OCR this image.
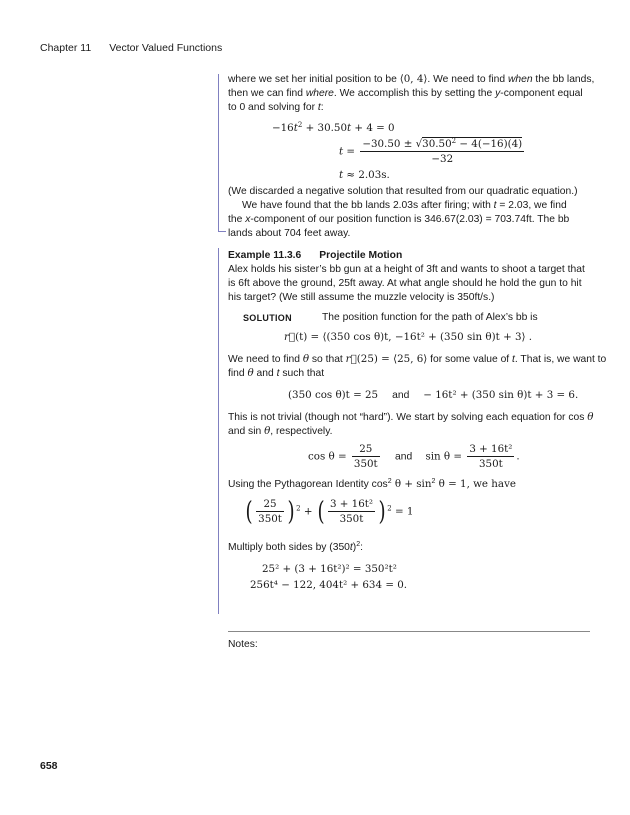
Chapter 11 Vector Valued Functions
where we set her initial position to be ⟨0, 4⟩. We need to find when the bb lands,
then we can find where. We accomplish this by setting the y-component equal
to 0 and solving for t:
$-16t^2 + 30.50t + 4 = 0$
$t = \frac{-30.50 \pm √30.50^2 - 4(-16)(4)}{-32}$
t ≈ 2.03s.
(We discarded a negative solution that resulted from our quadratic equation.)
We have found that the bb lands 2.03s after firing; with t = 2.03, we find
the x-component of our position function is 346.67(2.03) = 703.74ft. The bb
lands about 704 feet away.
Example 11.3.6 Projectile Motion
Alex holds his sister’s bb gun at a height of 3ft and wants to shoot a target that
is 6ft above the ground, 25ft away. At what angle should he hold the gun to hit
his target? (We still assume the muzzle velocity is 350ft/s.)
SOLUTION	The position function for the path of Alex’s bb is
r⃗(t) = ⟨(350 cos θ)t, −16t² + (350 sin θ)t + 3⟩ .
We need to find θ so that r⃗(25) = ⟨25, 6⟩ for some value of t. That is, we want to
find θ and t such that
(350 cos θ)t = 25 and − 16t² + (350 sin θ)t + 3 = 6.
This is not trivial (though not “hard”). We start by solving each equation for cos θ
and sin θ, respectively.
$\cos \theta = \frac{25}{350t}$ and $\sin \theta = \frac{\text{3 + 16t²}}{350t}$ .
Using the Pythagorean Identity $\cos^2 \theta + \sin^2 \theta = 1$, we have
( $\frac{25}{350t}$ ) $^2$ + ( $\frac{\text{3 + 16t²}}{350t}$ ) $^2$ = 1
Multiply both sides by $(350t)^2$:
25² + (3 + 16t²)² = 350²t²
256t⁴ − 122, 404t² + 634 = 0.
Notes:
658
